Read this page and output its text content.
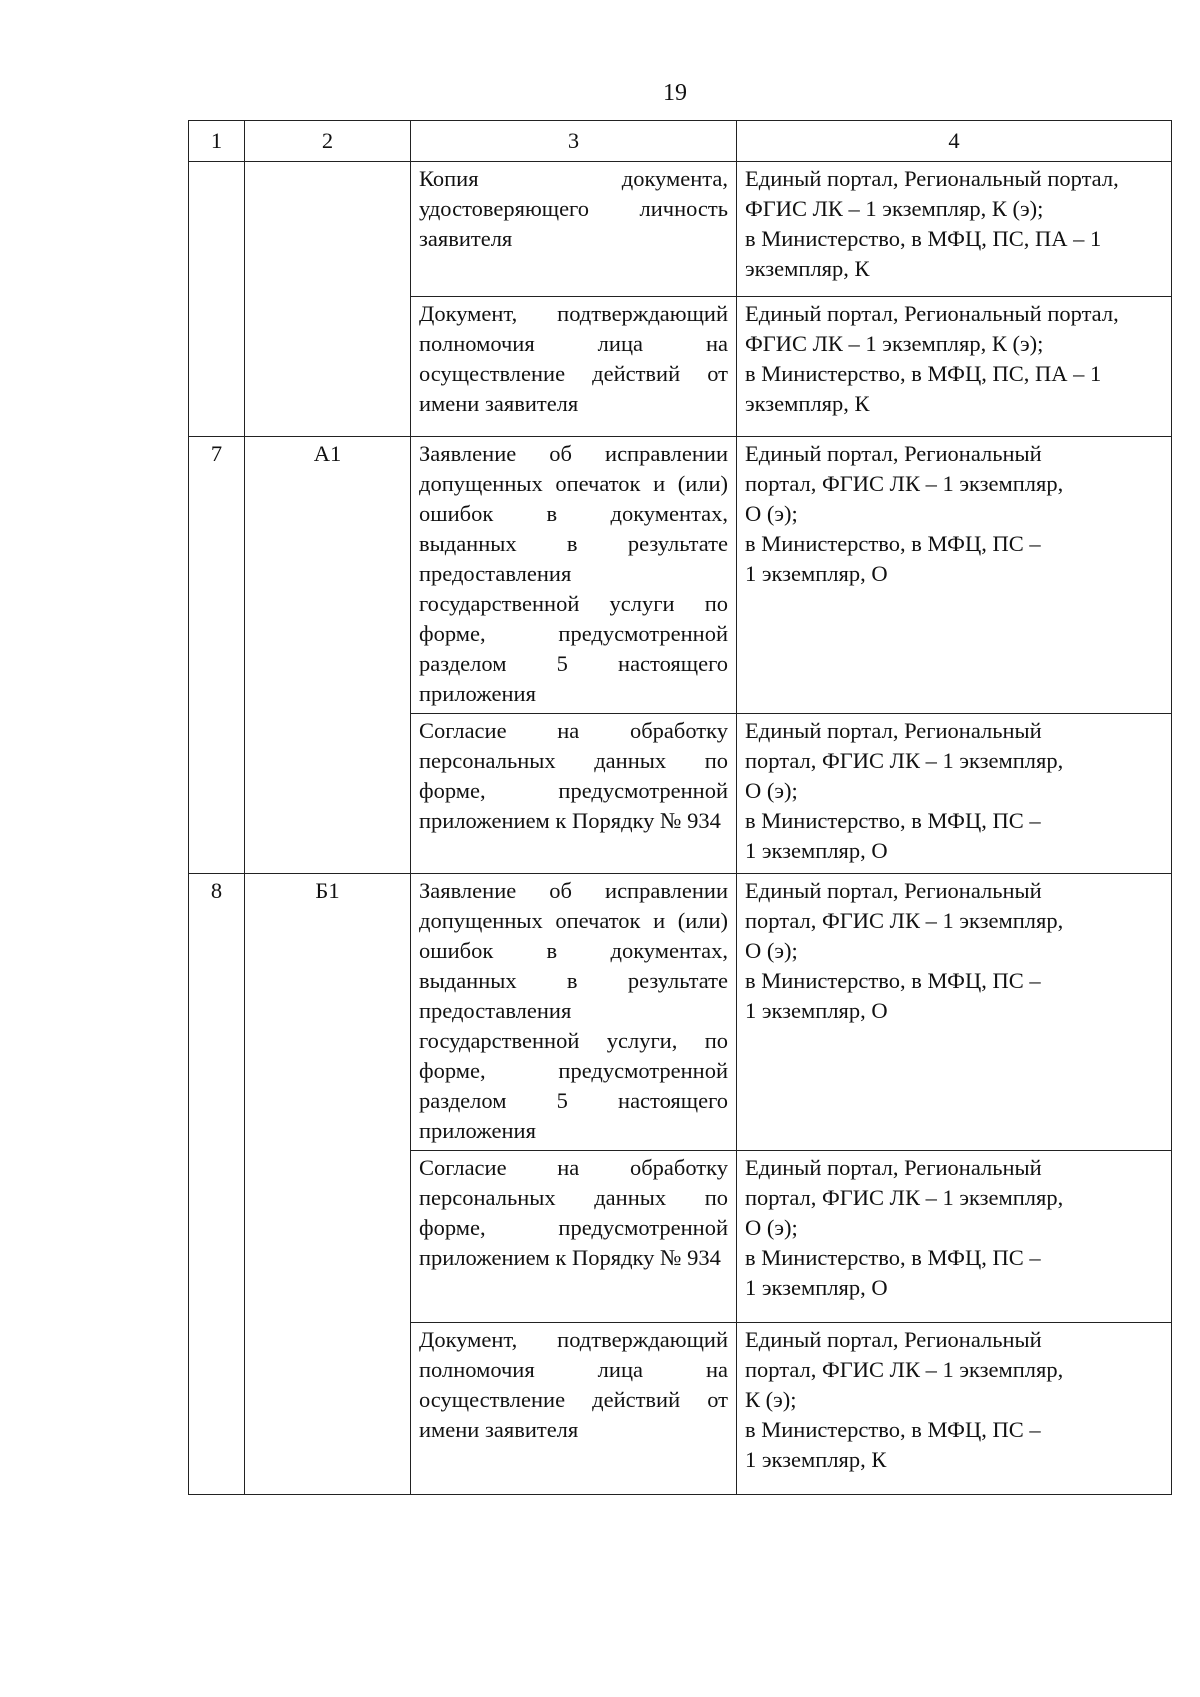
19
1	2	3	4
		Копия документа, удостоверяющего личность заявителя	Единый портал, Региональный портал, ФГИС ЛК – 1 экземпляр, К (э);
в Министерство, в МФЦ, ПС, ПА – 1 экземпляр, К
		Документ, подтверждающий полномочия лица на осуществление действий от имени заявителя	Единый портал, Региональный портал, ФГИС ЛК – 1 экземпляр, К (э);
в Министерство, в МФЦ, ПС, ПА – 1 экземпляр, К
7	А1	Заявление об исправлении допущенных опечаток и (или) ошибок в документах, выданных в результате предоставления государственной услуги по форме, предусмотренной разделом 5 настоящего приложения	Единый портал, Региональный
портал, ФГИС ЛК – 1 экземпляр,
О (э);
в Министерство, в МФЦ, ПС –
1 экземпляр, О
		Согласие на обработку персональных данных по форме, предусмотренной приложением к Порядку № 934	Единый портал, Региональный
портал, ФГИС ЛК – 1 экземпляр,
О (э);
в Министерство, в МФЦ, ПС –
1 экземпляр, О
8	Б1	Заявление об исправлении допущенных опечаток и (или) ошибок в документах, выданных в результате предоставления государственной услуги, по форме, предусмотренной разделом 5 настоящего приложения	Единый портал, Региональный
портал, ФГИС ЛК – 1 экземпляр,
О (э);
в Министерство, в МФЦ, ПС –
1 экземпляр, О
		Согласие на обработку персональных данных по форме, предусмотренной приложением к Порядку № 934	Единый портал, Региональный
портал, ФГИС ЛК – 1 экземпляр,
О (э);
в Министерство, в МФЦ, ПС –
1 экземпляр, О
		Документ, подтверждающий полномочия лица на осуществление действий от имени заявителя	Единый портал, Региональный
портал, ФГИС ЛК – 1 экземпляр,
К (э);
в Министерство, в МФЦ, ПС –
1 экземпляр, К
